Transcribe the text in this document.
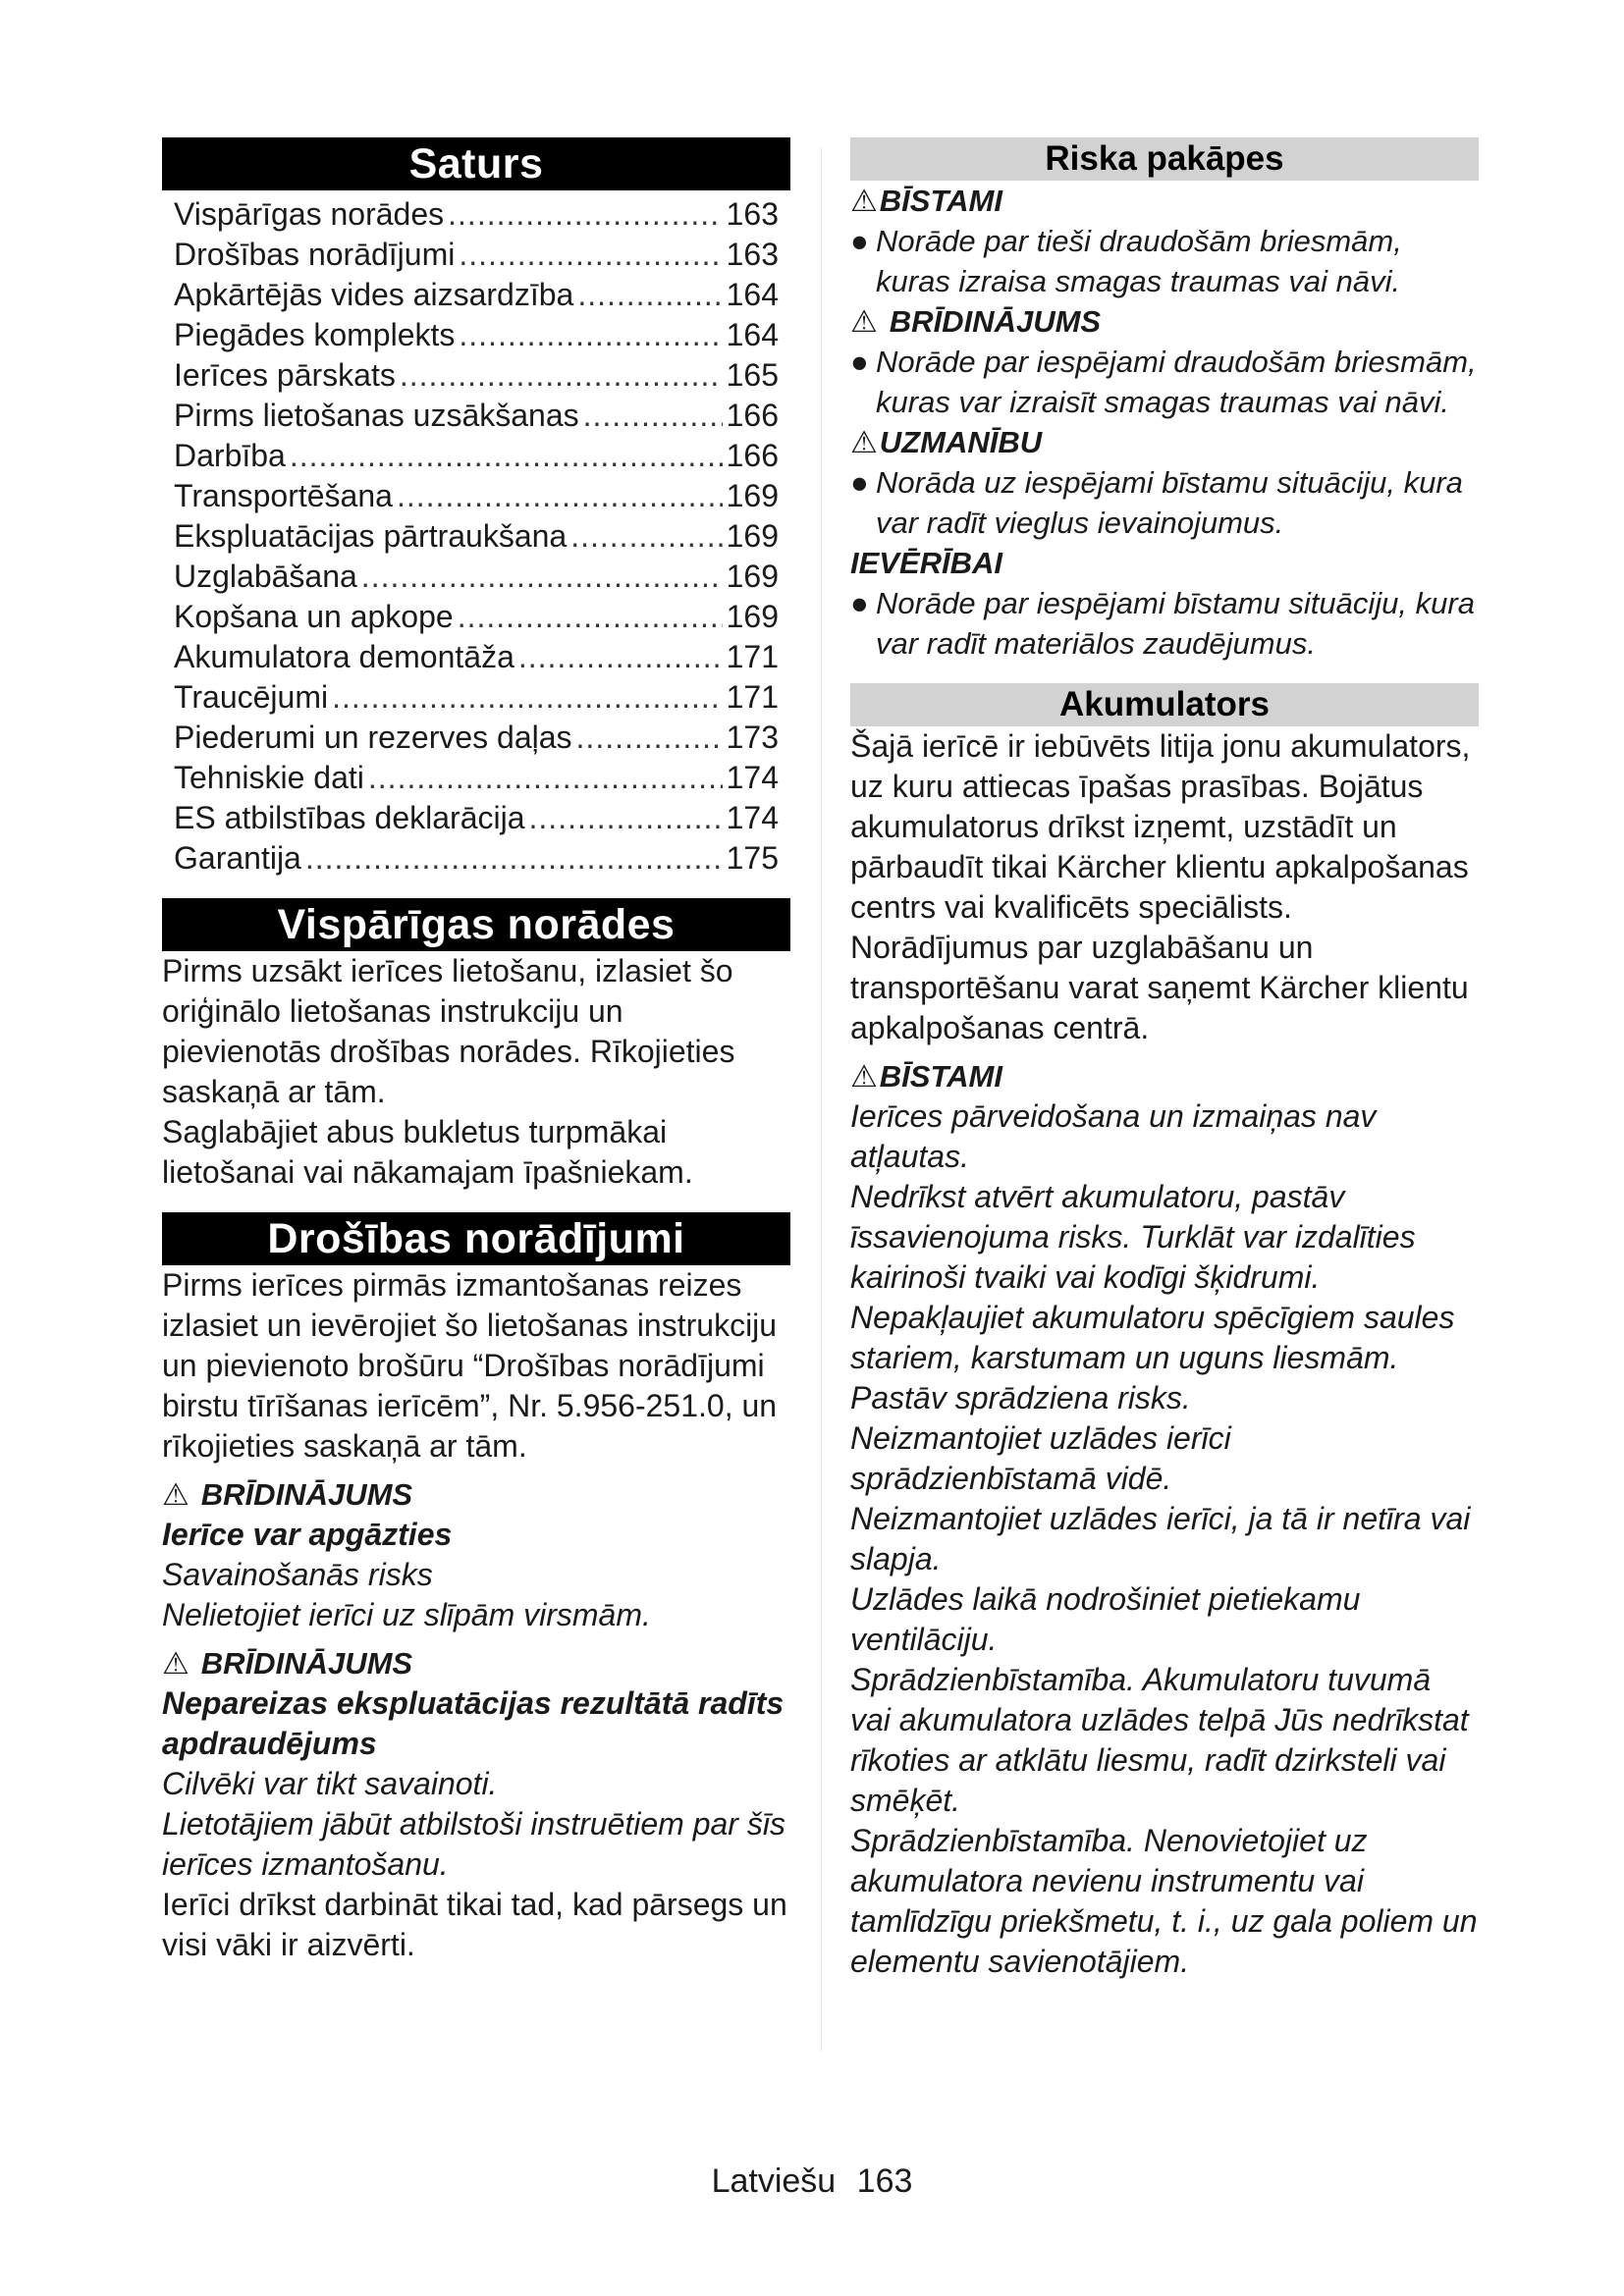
Saturs
Vispārīgas norādes .....	163
Drošības norādījumi .....	163
Apkārtējās vides aizsardzība .....	164
Piegādes komplekts .....	164
Ierīces pārskats .....	165
Pirms lietošanas uzsākšanas .....	166
Darbība .....	166
Transportēšana .....	169
Ekspluatācijas pārtraukšana .....	169
Uzglabāšana .....	169
Kopšana un apkope .....	169
Akumulatora demontāža .....	171
Traucējumi .....	171
Piederumi un rezerves daļas .....	173
Tehniskie dati .....	174
ES atbilstības deklarācija .....	174
Garantija .....	175
Vispārīgas norādes

Pirms uzsākt ierīces lietošanu, izlasiet šo oriģinālo lietošanas instrukciju un pievienotās drošības norādes. Rīkojieties saskaņā ar tām.

Saglabājiet abus bukletus turpmākai lietošanai vai nākamajam īpašniekam.

Drošības norādījumi

Pirms ierīces pirmās izmantošanas reizes izlasiet un ievērojiet šo lietošanas instrukciju un pievienoto brošūru “Drošības norādījumi birstu tīrīšanas ierīcēm”, Nr. 5.956-251.0, un rīkojieties saskaņā ar tām.

⚠ BRĪDINĀJUMS
Ierīce var apgāzties
Savainošanās risks
Nelietojiet ierīci uz slīpām virsmām.
⚠ BRĪDINĀJUMS
Nepareizas ekspluatācijas rezultātā radīts apdraudējums
Cilvēki var tikt savainoti.
Lietotājiem jābūt atbilstoši instruētiem par šīs ierīces izmantošanu.
Ierīci drīkst darbināt tikai tad, kad pārsegs un visi vāki ir aizvērti.
Riska pakāpes
⚠BĪSTAMI
● Norāde par tieši draudošām briesmām, kuras izraisa smagas traumas vai nāvi.
⚠ BRĪDINĀJUMS
● Norāde par iespējami draudošām briesmām, kuras var izraisīt smagas traumas vai nāvi.
⚠UZMANĪBU
● Norāda uz iespējami bīstamu situāciju, kura var radīt vieglus ievainojumus.
IEVĒRĪBAI
● Norāde par iespējami bīstamu situāciju, kura var radīt materiālos zaudējumus.
Akumulators

Šajā ierīcē ir iebūvēts litija jonu akumulators, uz kuru attiecas īpašas prasības. Bojātus akumulatorus drīkst izņemt, uzstādīt un pārbaudīt tikai Kärcher klientu apkalpošanas centrs vai kvalificēts speciālists.

Norādījumus par uzglabāšanu un transportēšanu varat saņemt Kärcher klientu apkalpošanas centrā.

⚠BĪSTAMI
Ierīces pārveidošana un izmaiņas nav atļautas.
Nedrīkst atvērt akumulatoru, pastāv īssavienojuma risks. Turklāt var izdalīties kairinoši tvaiki vai kodīgi šķidrumi.
Nepakļaujiet akumulatoru spēcīgiem saules stariem, karstumam un uguns liesmām. Pastāv sprādziena risks.
Neizmantojiet uzlādes ierīci sprādzienbīstamā vidē.
Neizmantojiet uzlādes ierīci, ja tā ir netīra vai slapja.
Uzlādes laikā nodrošiniet pietiekamu ventilāciju.
Sprādzienbīstamība. Akumulatoru tuvumā vai akumulatora uzlādes telpā Jūs nedrīkstat rīkoties ar atklātu liesmu, radīt dzirksteli vai smēķēt.
Sprādzienbīstamība. Nenovietojiet uz akumulatora nevienu instrumentu vai tamlīdzīgu priekšmetu, t. i., uz gala poliem un elementu savienotājiem.
Latviešu 163
